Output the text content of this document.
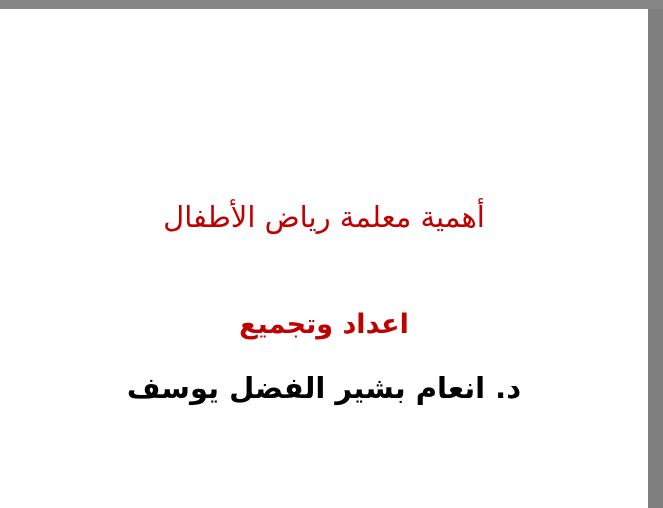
أهمية معلمة رياض الأطفال
اعداد وتجميع
د. انعام بشير الفضل يوسف
